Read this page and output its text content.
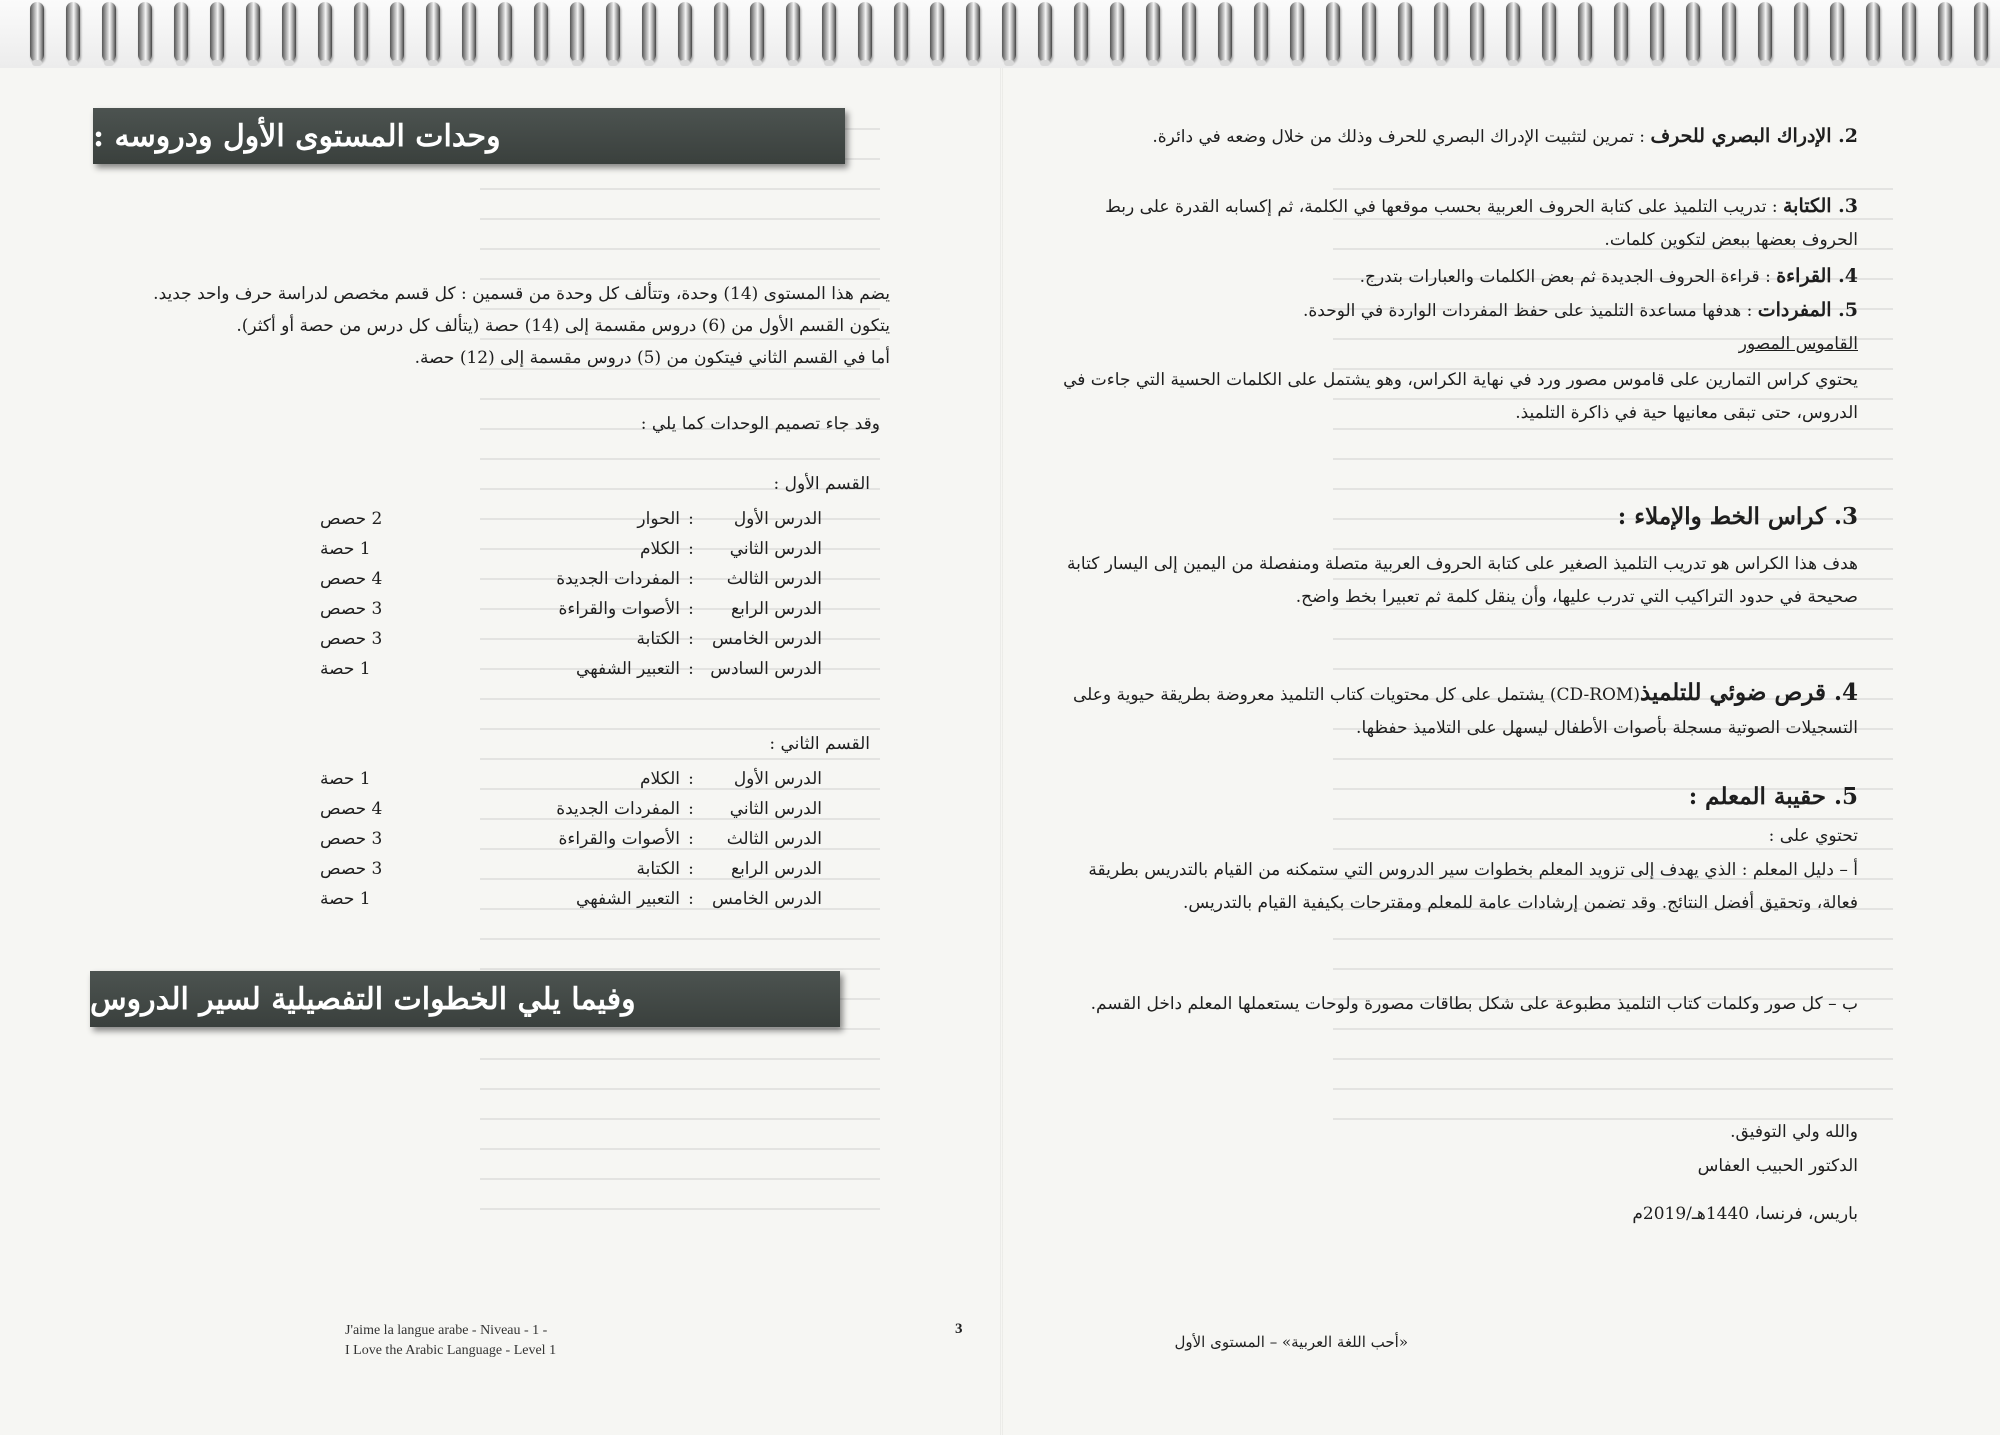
وحدات المستوى الأول ودروسه :
يضم هذا المستوى (14) وحدة، وتتألف كل وحدة من قسمين : كل قسم مخصص لدراسة حرف واحد جديد.
يتكون القسم الأول من (6) دروس مقسمة إلى (14) حصة (يتألف كل درس من حصة أو أكثر).
أما في القسم الثاني فيتكون من (5) دروس مقسمة إلى (12) حصة.
وقد جاء تصميم الوحدات كما يلي :
القسم الأول :
الدرس الأول	:	الحوار	2 حصص
الدرس الثاني	:	الكلام	1 حصة
الدرس الثالث	:	المفردات الجديدة	4 حصص
الدرس الرابع	:	الأصوات والقراءة	3 حصص
الدرس الخامس	:	الكتابة	3 حصص
الدرس السادس	:	التعبير الشفهي	1 حصة
القسم الثاني :
الدرس الأول	:	الكلام	1 حصة
الدرس الثاني	:	المفردات الجديدة	4 حصص
الدرس الثالث	:	الأصوات والقراءة	3 حصص
الدرس الرابع	:	الكتابة	3 حصص
الدرس الخامس	:	التعبير الشفهي	1 حصة
وفيما يلي الخطوات التفصيلية لسير الدروس
J'aime la langue arabe - Niveau - 1 -
I Love the Arabic Language - Level 1
3
2. الإدراك البصري للحرف : تمرين لتثبيت الإدراك البصري للحرف وذلك من خلال وضعه في دائرة.
3. الكتابة : تدريب التلميذ على كتابة الحروف العربية بحسب موقعها في الكلمة، ثم إكسابه القدرة على ربط الحروف بعضها ببعض لتكوين كلمات.
4. القراءة : قراءة الحروف الجديدة ثم بعض الكلمات والعبارات بتدرج.
5. المفردات : هدفها مساعدة التلميذ على حفظ المفردات الواردة في الوحدة.
القاموس المصور
يحتوي كراس التمارين على قاموس مصور ورد في نهاية الكراس، وهو يشتمل على الكلمات الحسية التي جاءت في الدروس، حتى تبقى معانيها حية في ذاكرة التلميذ.
3. كراس الخط والإملاء :
هدف هذا الكراس هو تدريب التلميذ الصغير على كتابة الحروف العربية متصلة ومنفصلة من اليمين إلى اليسار كتابة صحيحة في حدود التراكيب التي تدرب عليها، وأن ينقل كلمة ثم تعبيرا بخط واضح.
4. قرص ضوئي للتلميذ(CD-ROM) يشتمل على كل محتويات كتاب التلميذ معروضة بطريقة حيوية وعلى التسجيلات الصوتية مسجلة بأصوات الأطفال ليسهل على التلاميذ حفظها.
5. حقيبة المعلم :
تحتوي على :
أ – دليل المعلم : الذي يهدف إلى تزويد المعلم بخطوات سير الدروس التي ستمكنه من القيام بالتدريس بطريقة فعالة، وتحقيق أفضل النتائج. وقد تضمن إرشادات عامة للمعلم ومقترحات بكيفية القيام بالتدريس.
ب – كل صور وكلمات كتاب التلميذ مطبوعة على شكل بطاقات مصورة ولوحات يستعملها المعلم داخل القسم.
والله ولي التوفيق.
الدكتور الحبيب العفاس
باريس، فرنسا، 1440هـ/2019م
«أحب اللغة العربية» – المستوى الأول
